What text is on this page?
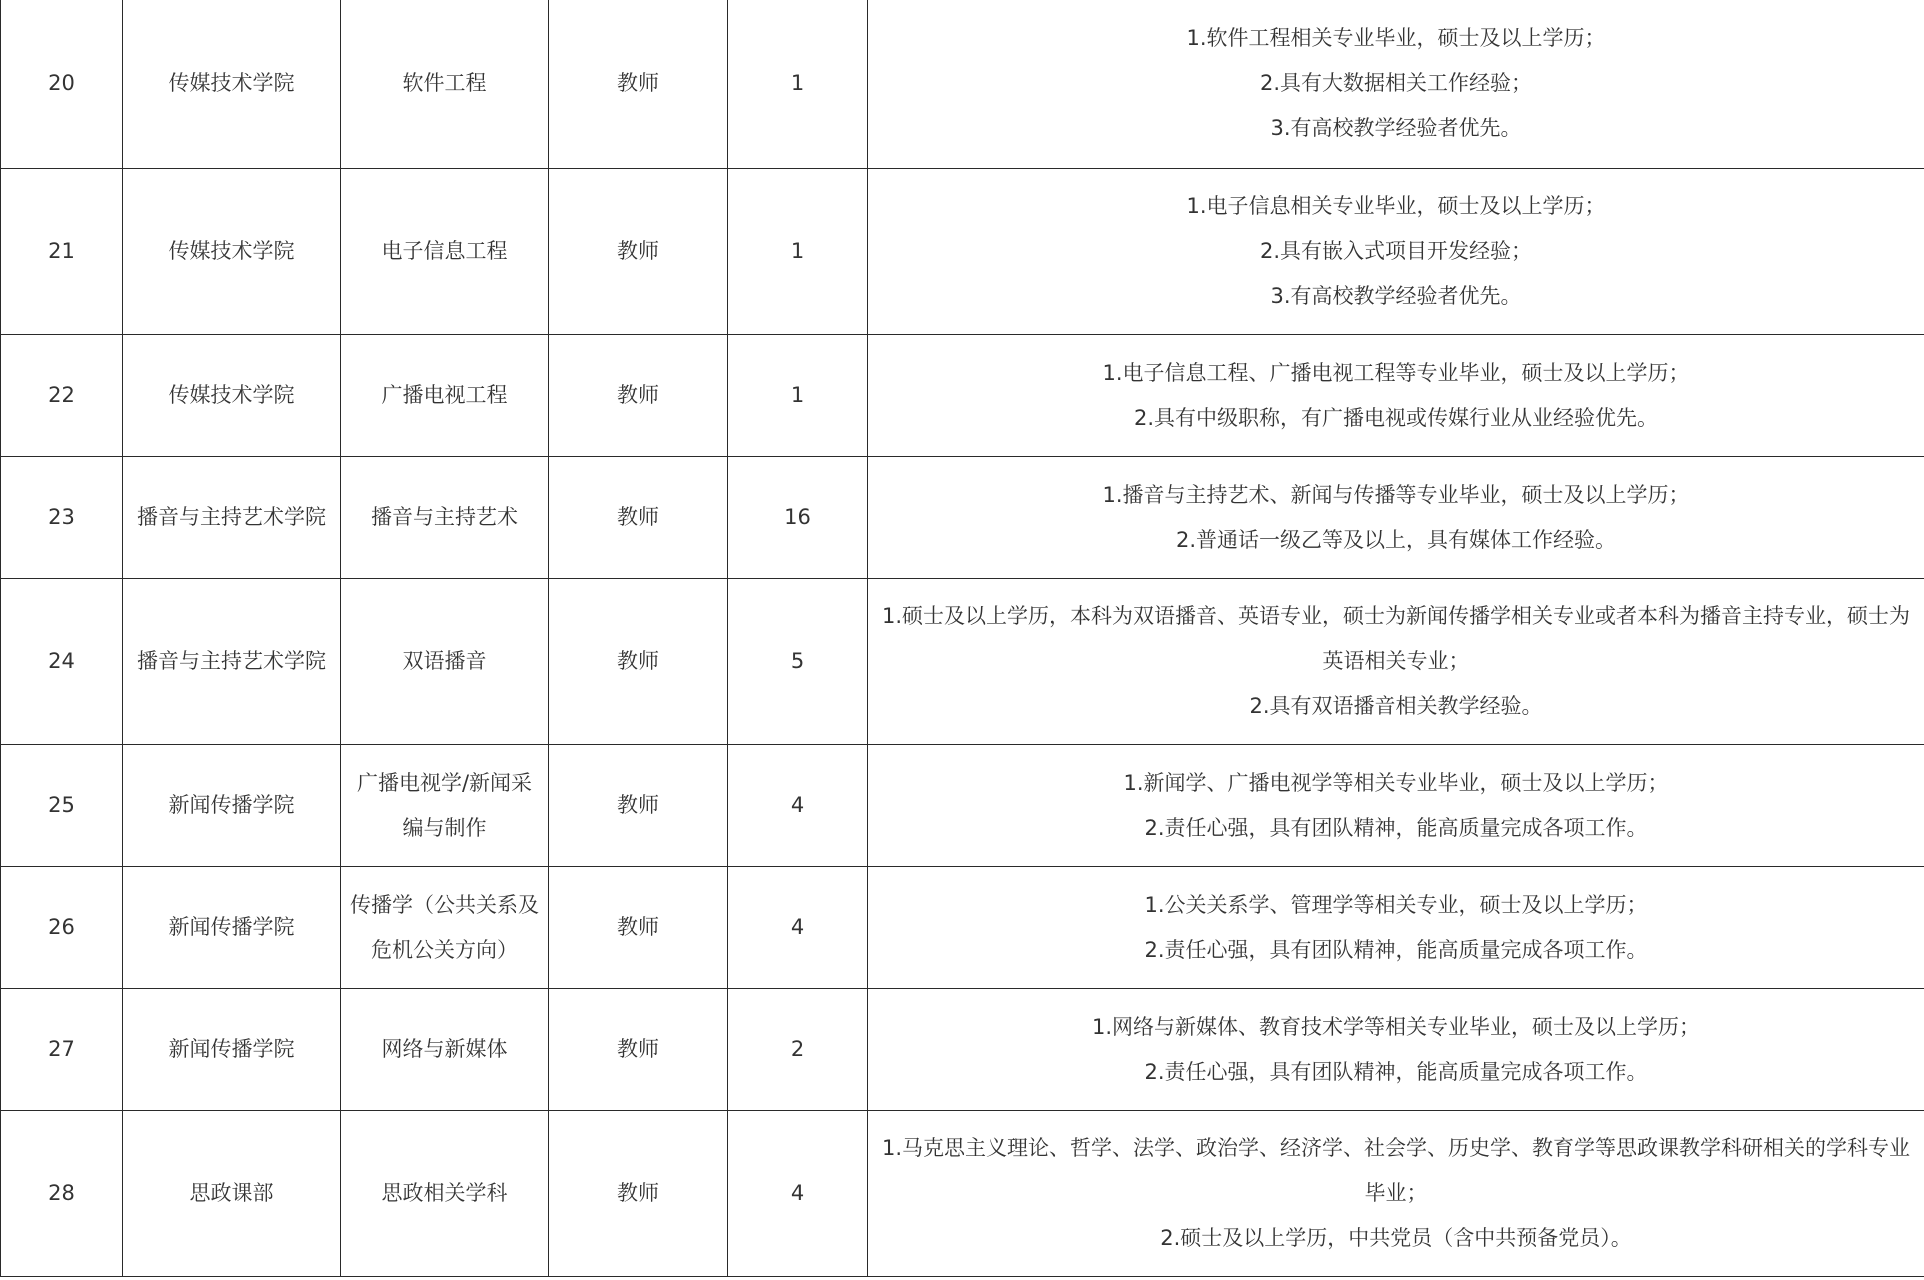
20	传媒技术学院	软件工程	教师	1	1.软件工程相关专业毕业，硕士及以上学历；
2.具有大数据相关工作经验；
3.有高校教学经验者优先。

21	传媒技术学院	电子信息工程	教师	1	1.电子信息相关专业毕业，硕士及以上学历；
2.具有嵌入式项目开发经验；
3.有高校教学经验者优先。

22	传媒技术学院	广播电视工程	教师	1	1.电子信息工程、广播电视工程等专业毕业，硕士及以上学历；
2.具有中级职称，有广播电视或传媒行业从业经验优先。

23	播音与主持艺术学院	播音与主持艺术	教师	16	1.播音与主持艺术、新闻与传播等专业毕业，硕士及以上学历；
2.普通话一级乙等及以上，具有媒体工作经验。

24	播音与主持艺术学院	双语播音	教师	5	1.硕士及以上学历，本科为双语播音、英语专业，硕士为新闻传播学相关专业或者本科为播音主持专业，硕士为
英语相关专业；
2.具有双语播音相关教学经验。

25	新闻传播学院	广播电视学/新闻采编与制作	教师	4	1.新闻学、广播电视学等相关专业毕业，硕士及以上学历；
2.责任心强，具有团队精神，能高质量完成各项工作。

26	新闻传播学院	传播学（公共关系及危机公关方向）	教师	4	1.公关关系学、管理学等相关专业，硕士及以上学历；
2.责任心强，具有团队精神，能高质量完成各项工作。

27	新闻传播学院	网络与新媒体	教师	2	1.网络与新媒体、教育技术学等相关专业毕业，硕士及以上学历；
2.责任心强，具有团队精神，能高质量完成各项工作。

28	思政课部	思政相关学科	教师	4	1.马克思主义理论、哲学、法学、政治学、经济学、社会学、历史学、教育学等思政课教学科研相关的学科专业
毕业；
2.硕士及以上学历，中共党员（含中共预备党员）。
